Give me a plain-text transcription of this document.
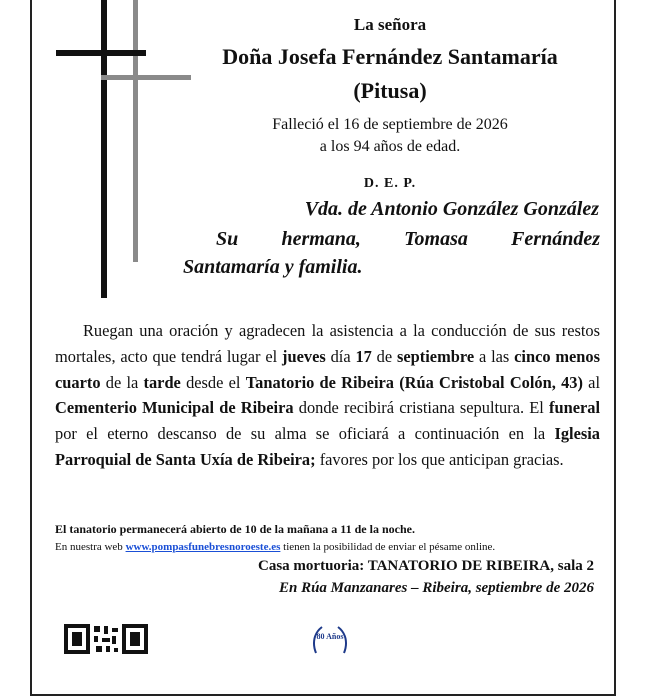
La señora
Doña Josefa Fernández Santamaría
(Pitusa)
Falleció el 16 de septiembre de 2026
a los 94 años de edad.
D. E. P.
Vda. de Antonio González González
Su hermana, Tomasa Fernández
Santamaría y familia.

Ruegan una oración y agradecen la asistencia a la conducción de sus restos mortales, acto que tendrá lugar el jueves día 17 de septiembre a las cinco menos cuarto de la tarde desde el Tanatorio de Ribeira (Rúa Cristobal Colón, 43) al Cementerio Municipal de Ribeira donde recibirá cristiana sepultura. El funeral por el eterno descanso de su alma se oficiará a continuación en la Iglesia Parroquial de Santa Uxía de Ribeira; favores por los que anticipan gracias.

El tanatorio permanecerá abierto de 10 de la mañana a 11 de la noche.
En nuestra web www.pompasfunebresnoroeste.es tienen la posibilidad de enviar el pésame online.
Casa mortuoria: TANATORIO DE RIBEIRA, sala 2
En Rúa Manzanares – Ribeira, septiembre de 2026
80 Años
